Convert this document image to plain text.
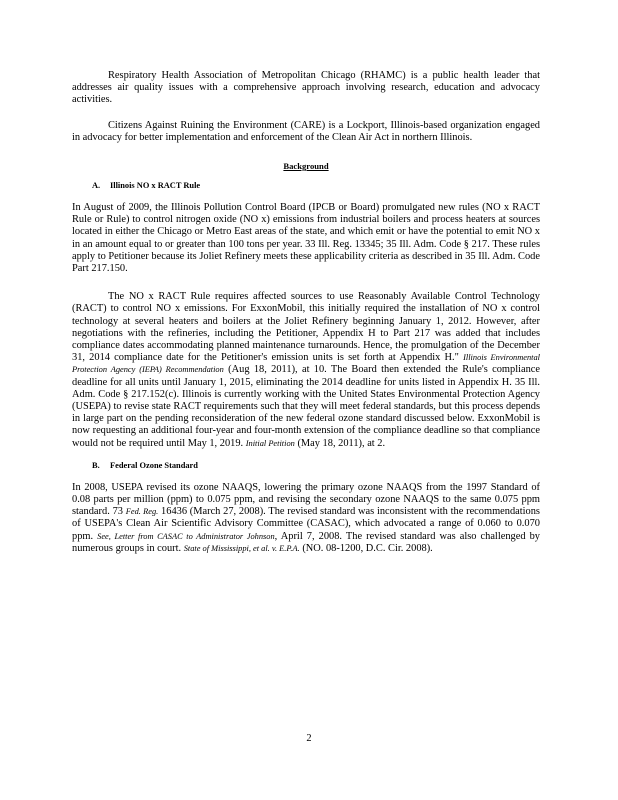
Respiratory Health Association of Metropolitan Chicago (RHAMC) is a public health leader that addresses air quality issues with a comprehensive approach involving research, education and advocacy activities.

Citizens Against Ruining the Environment (CARE) is a Lockport, Illinois-based organization engaged in advocacy for better implementation and enforcement of the Clean Air Act in northern Illinois.

Background

A. Illinois NO x RACT Rule

In August of 2009, the Illinois Pollution Control Board (IPCB or Board) promulgated new rules (NO x RACT Rule or Rule) to control nitrogen oxide (NO x) emissions from industrial boilers and process heaters at sources located in either the Chicago or Metro East areas of the state, and which emit or have the potential to emit NO x in an amount equal to or greater than 100 tons per year. 33 Ill. Reg. 13345; 35 Ill. Adm. Code § 217. These rules apply to Petitioner because its Joliet Refinery meets these applicability criteria as described in 35 Ill. Adm. Code Part 217.150.

The NO x RACT Rule requires affected sources to use Reasonably Available Control Technology (RACT) to control NO x emissions. For ExxonMobil, this initially required the installation of NO x control technology at several heaters and boilers at the Joliet Refinery beginning January 1, 2012. However, after negotiations with the refineries, including the Petitioner, Appendix H to Part 217 was added that includes compliance dates accommodating planned maintenance turnarounds. Hence, the promulgation of the December 31, 2014 compliance date for the Petitioner's emission units is set forth at Appendix H." Illinois Environmental Protection Agency (IEPA) Recommendation (Aug 18, 2011), at 10. The Board then extended the Rule's compliance deadline for all units until January 1, 2015, eliminating the 2014 deadline for units listed in Appendix H. 35 Ill. Adm. Code § 217.152(c). Illinois is currently working with the United States Environmental Protection Agency (USEPA) to revise state RACT requirements such that they will meet federal standards, but this process depends in large part on the pending reconsideration of the new federal ozone standard discussed below. ExxonMobil is now requesting an additional four-year and four-month extension of the compliance deadline so that compliance would not be required until May 1, 2019. Initial Petition (May 18, 2011), at 2.

B. Federal Ozone Standard

In 2008, USEPA revised its ozone NAAQS, lowering the primary ozone NAAQS from the 1997 Standard of 0.08 parts per million (ppm) to 0.075 ppm, and revising the secondary ozone NAAQS to the same 0.075 ppm standard. 73 Fed. Reg. 16436 (March 27, 2008). The revised standard was inconsistent with the recommendations of USEPA's Clean Air Scientific Advisory Committee (CASAC), which advocated a range of 0.060 to 0.070 ppm. See, Letter from CASAC to Administrator Johnson, April 7, 2008. The revised standard was also challenged by numerous groups in court. State of Mississippi, et al. v. E.P.A. (NO. 08-1200, D.C. Cir. 2008).

2
